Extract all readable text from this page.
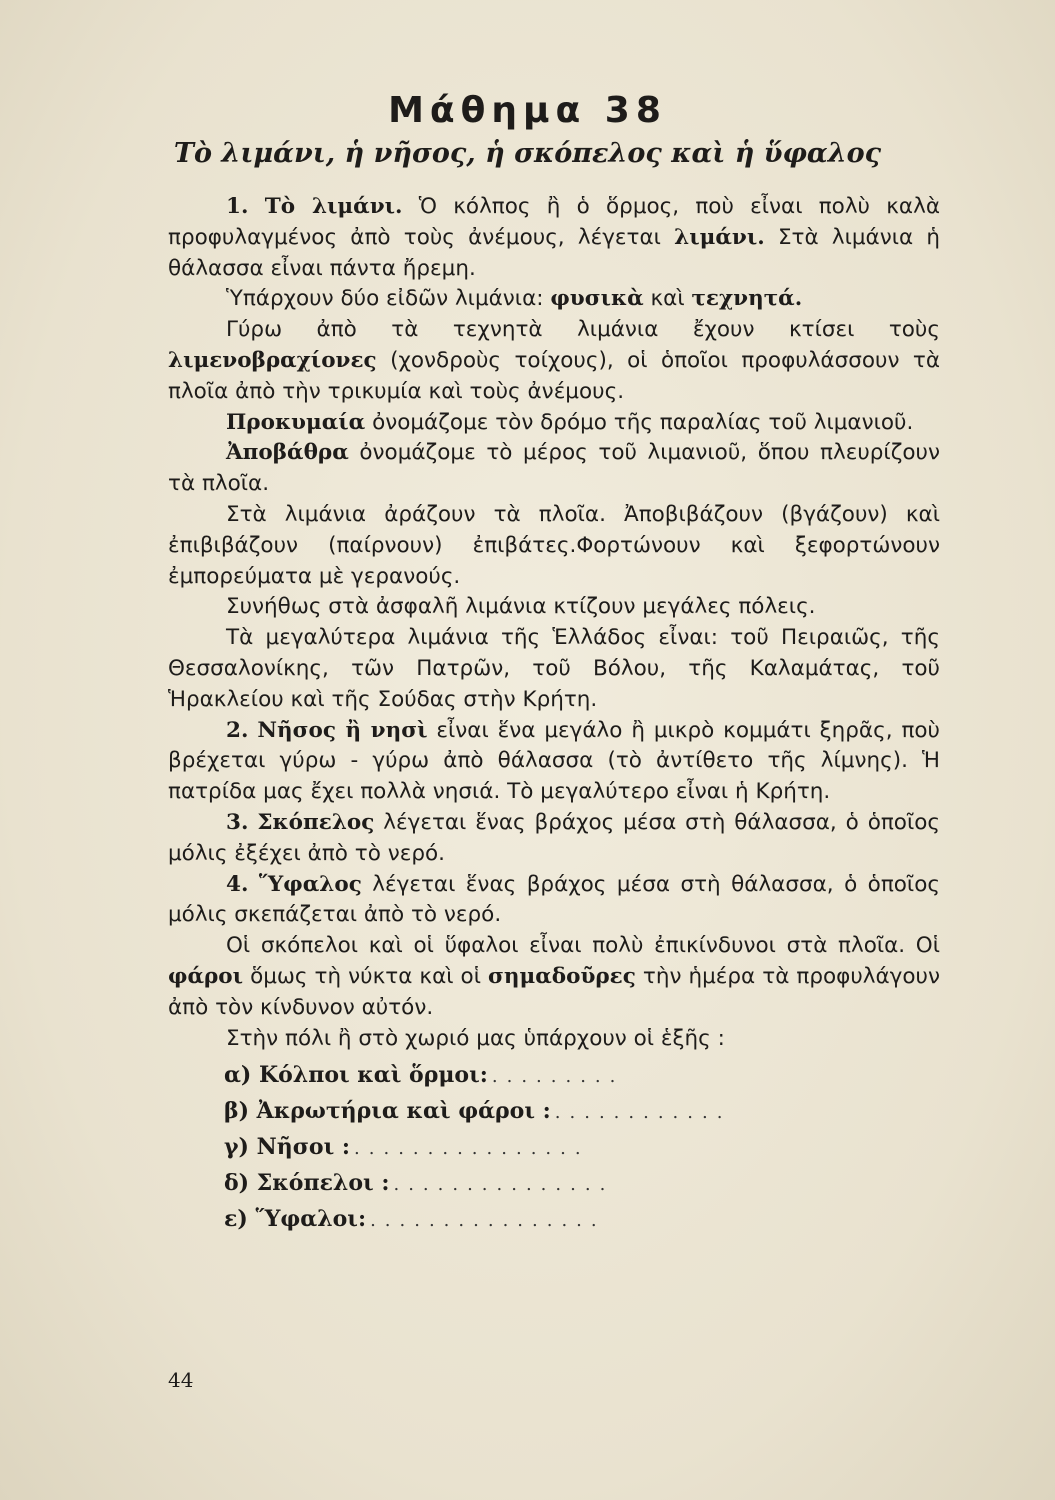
Μάθημα 38
Τὸ λιμάνι, ἡ νῆσος, ἡ σκόπελος καὶ ἡ ὕφαλος

1. Τὸ λιμάνι. Ὁ κόλπος ἢ ὁ ὅρμος, ποὺ εἶναι πολὺ καλὰ προφυλαγμένος ἀπὸ τοὺς ἀνέμους, λέγεται λιμάνι. Στὰ λιμάνια ἡ θάλασσα εἶναι πάντα ἤρεμη.

Ὑπάρχουν δύο εἰδῶν λιμάνια: φυσικὰ καὶ τεχνητά.

Γύρω ἀπὸ τὰ τεχνητὰ λιμάνια ἔχουν κτίσει τοὺς λιμενοβραχίονες (χονδροὺς τοίχους), οἱ ὁποῖοι προφυλάσσουν τὰ πλοῖα ἀπὸ τὴν τρικυμία καὶ τοὺς ἀνέμους.

Προκυμαία ὀνομάζομε τὸν δρόμο τῆς παραλίας τοῦ λιμανιοῦ.

Ἀποβάθρα ὀνομάζομε τὸ μέρος τοῦ λιμανιοῦ, ὅπου πλευρίζουν τὰ πλοῖα.

Στὰ λιμάνια ἀράζουν τὰ πλοῖα. Ἀποβιβάζουν (βγάζουν) καὶ ἐπιβιβάζουν (παίρνουν) ἐπιβάτες.Φορτώνουν καὶ ξεφορτώνουν ἐμπορεύματα μὲ γερανούς.

Συνήθως στὰ ἀσφαλῆ λιμάνια κτίζουν μεγάλες πόλεις.

Τὰ μεγαλύτερα λιμάνια τῆς Ἑλλάδος εἶναι: τοῦ Πειραιῶς, τῆς Θεσσαλονίκης, τῶν Πατρῶν, τοῦ Βόλου, τῆς Καλαμάτας, τοῦ Ἡρακλείου καὶ τῆς Σούδας στὴν Κρήτη.

2. Νῆσος ἢ νησὶ εἶναι ἕνα μεγάλο ἢ μικρὸ κομμάτι ξηρᾶς, ποὺ βρέχεται γύρω - γύρω ἀπὸ θάλασσα (τὸ ἀντίθετο τῆς λίμνης). Ἡ πατρίδα μας ἔχει πολλὰ νησιά. Τὸ μεγαλύτερο εἶναι ἡ Κρήτη.

3. Σκόπελος λέγεται ἕνας βράχος μέσα στὴ θάλασσα, ὁ ὁποῖος μόλις ἐξέχει ἀπὸ τὸ νερό.

4. Ὕφαλος λέγεται ἕνας βράχος μέσα στὴ θάλασσα, ὁ ὁποῖος μόλις σκεπάζεται ἀπὸ τὸ νερό.

Οἱ σκόπελοι καὶ οἱ ὕφαλοι εἶναι πολὺ ἐπικίνδυνοι στὰ πλοῖα. Οἱ φάροι ὅμως τὴ νύκτα καὶ οἱ σημαδοῦρες τὴν ἡμέρα τὰ προφυλάγουν ἀπὸ τὸν κίνδυνον αὐτόν.

Στὴν πόλι ἢ στὸ χωριό μας ὑπάρχουν οἱ ἑξῆς :

α) Κόλποι καὶ ὅρμοι: .........
β) Ἀκρωτήρια καὶ φάροι : ............
γ) Νῆσοι : ................
δ) Σκόπελοι : ...............
ε) Ὕφαλοι: ................
44
